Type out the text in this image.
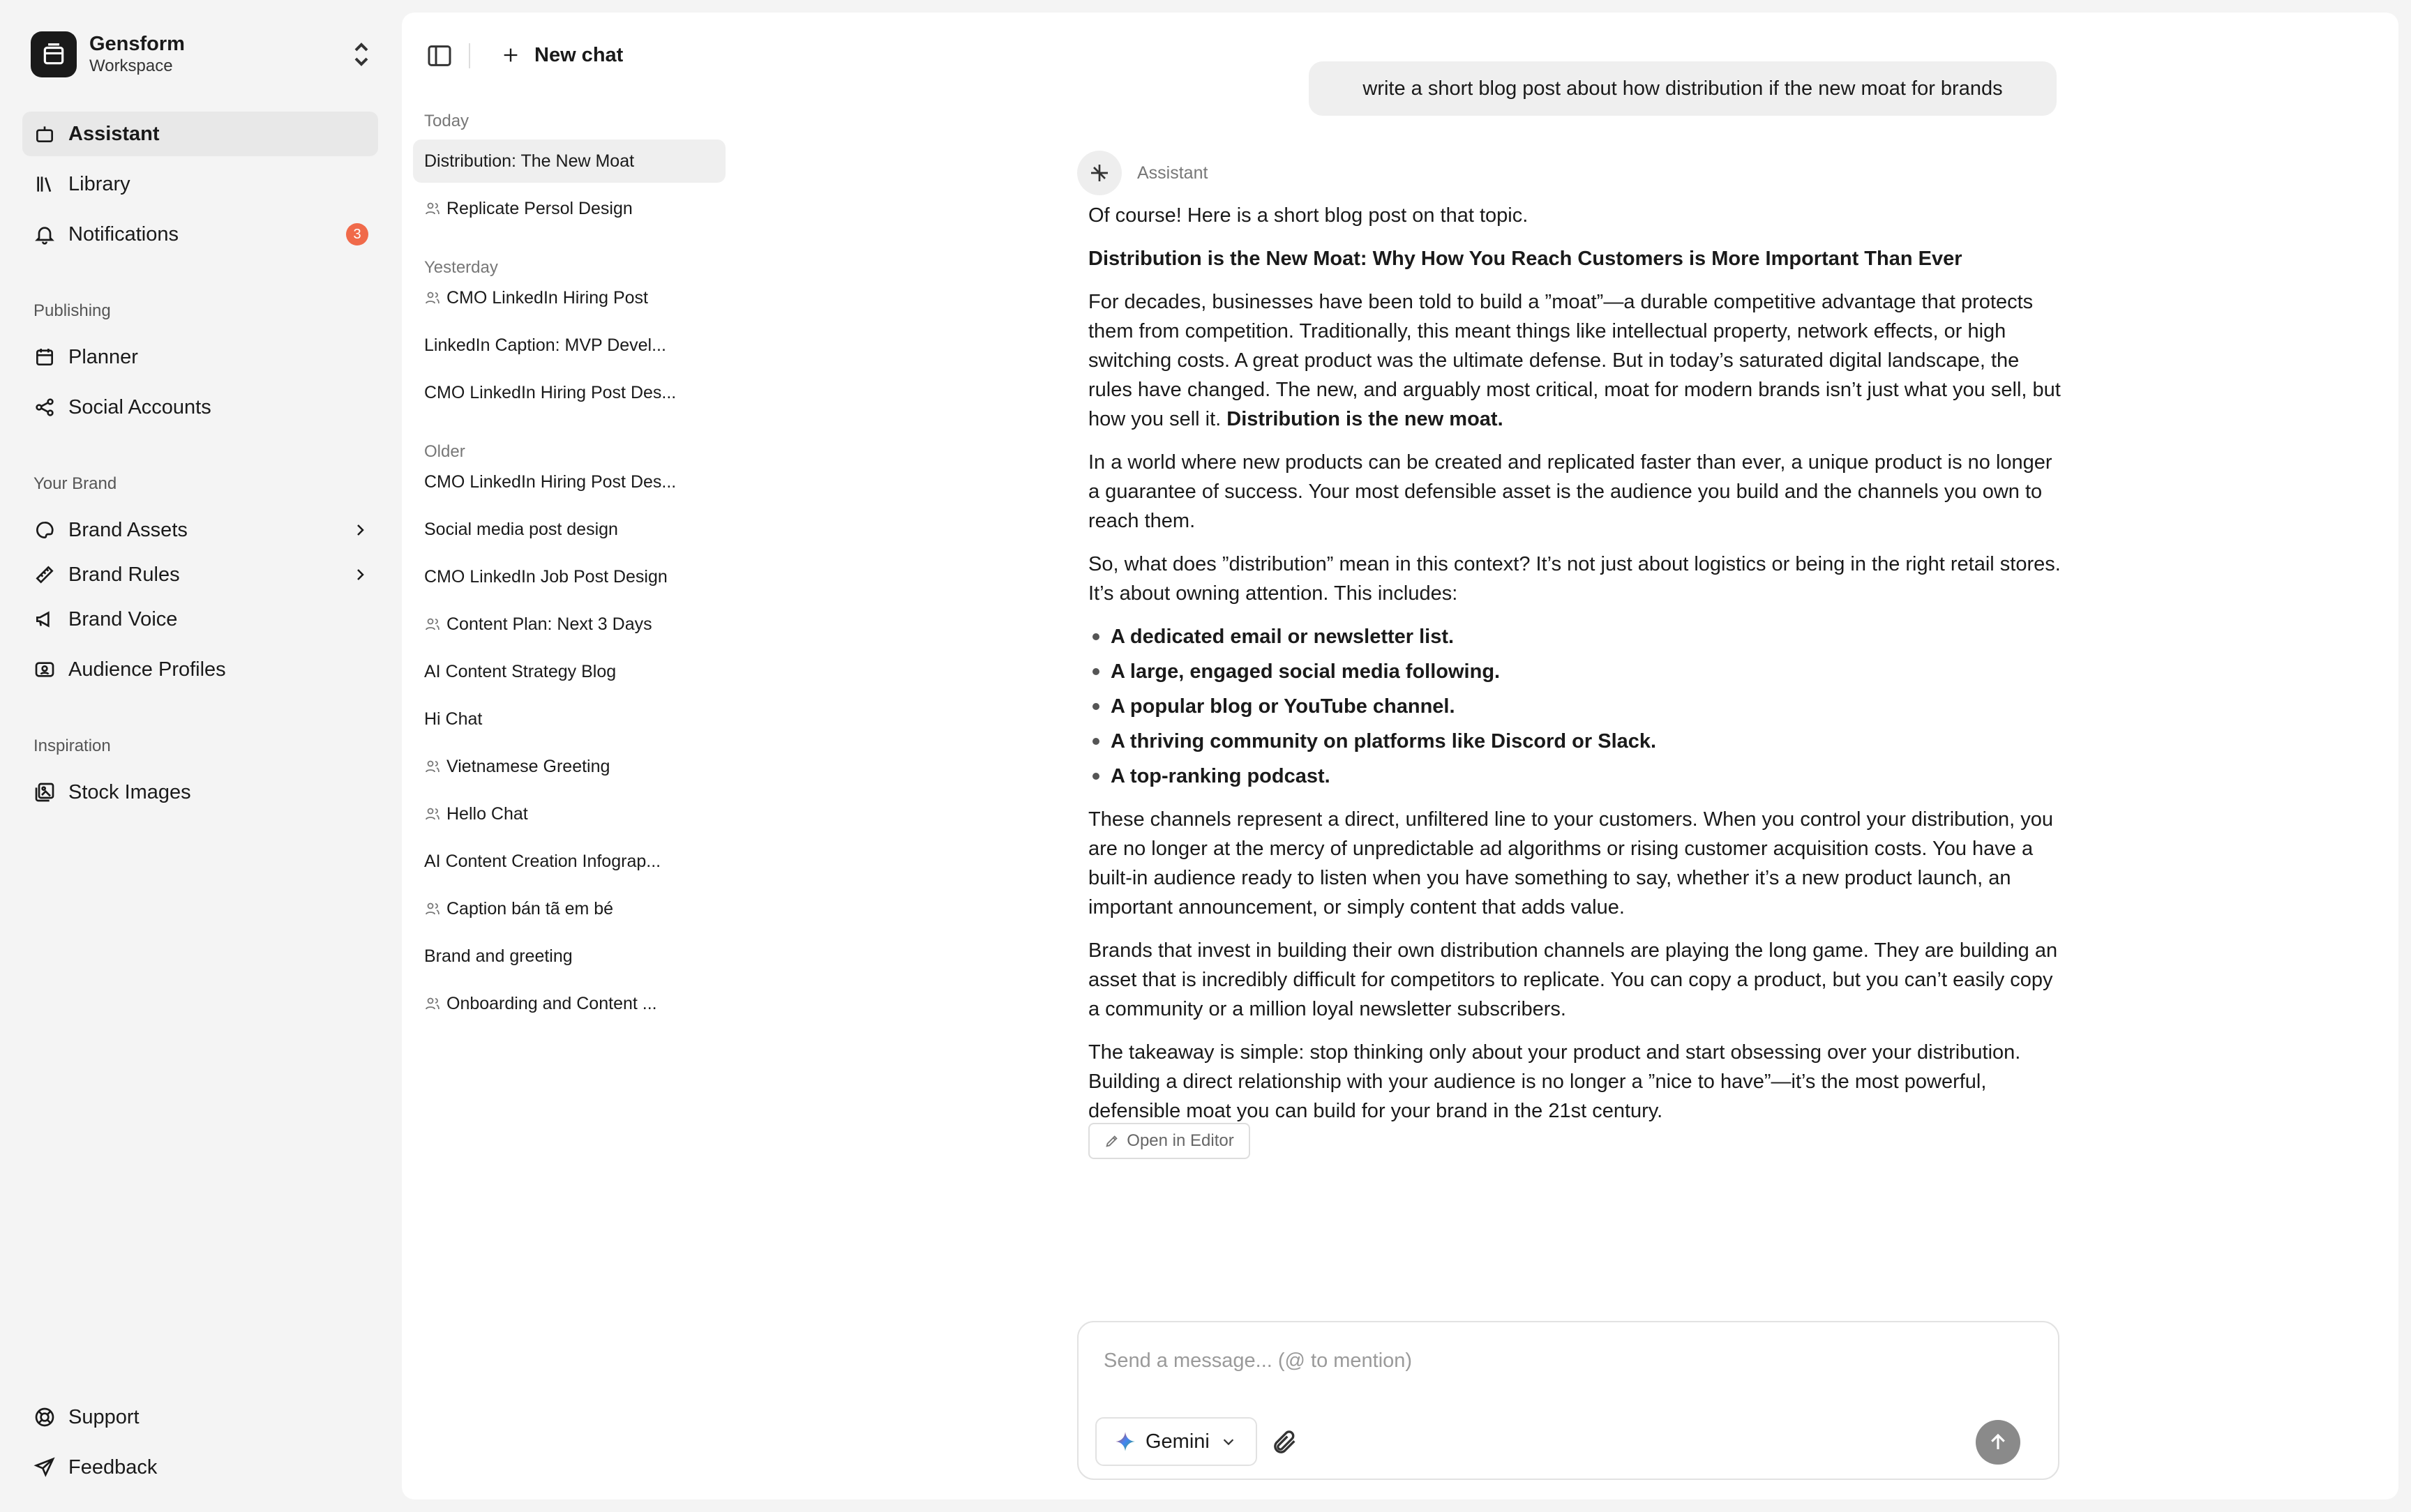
Gensform
Workspace
Assistant
Library
Notifications	3
Publishing
Planner
Social Accounts
Your Brand
Brand Assets
Brand Rules
Brand Voice
Audience Profiles
Inspiration
Stock Images
Support
Feedback
New chat
Today
Distribution: The New Moat
Replicate Persol Design
Yesterday
CMO LinkedIn Hiring Post
LinkedIn Caption: MVP Devel...
CMO LinkedIn Hiring Post Des...
Older
CMO LinkedIn Hiring Post Des...
Social media post design
CMO LinkedIn Job Post Design
Content Plan: Next 3 Days
AI Content Strategy Blog
Hi Chat
Vietnamese Greeting
Hello Chat
AI Content Creation Infograp...
Caption bán tã em bé
Brand and greeting
Onboarding and Content ...
write a short blog post about how distribution if the new moat for brands
Assistant

Of course! Here is a short blog post on that topic.

Distribution is the New Moat: Why How You Reach Customers is More Important Than Ever

For decades, businesses have been told to build a ”moat”—a durable competitive advantage that protects them from competition. Traditionally, this meant things like intellectual property, network effects, or high switching costs. A great product was the ultimate defense. But in today’s saturated digital landscape, the rules have changed. The new, and arguably most critical, moat for modern brands isn’t just what you sell, but how you sell it. Distribution is the new moat.

In a world where new products can be created and replicated faster than ever, a unique product is no longer a guarantee of success. Your most defensible asset is the audience you build and the channels you own to reach them.

So, what does ”distribution” mean in this context? It’s not just about logistics or being in the right retail stores. It’s about owning attention. This includes:

A dedicated email or newsletter list.
A large, engaged social media following.
A popular blog or YouTube channel.
A thriving community on platforms like Discord or Slack.
A top-ranking podcast.

These channels represent a direct, unfiltered line to your customers. When you control your distribution, you are no longer at the mercy of unpredictable ad algorithms or rising customer acquisition costs. You have a built-in audience ready to listen when you have something to say, whether it’s a new product launch, an important announcement, or simply content that adds value.

Brands that invest in building their own distribution channels are playing the long game. They are building an asset that is incredibly difficult for competitors to replicate. You can copy a product, but you can’t easily copy a community or a million loyal newsletter subscribers.

The takeaway is simple: stop thinking only about your product and start obsessing over your distribution. Building a direct relationship with your audience is no longer a ”nice to have”—it’s the most powerful, defensible moat you can build for your brand in the 21st century.

Open in Editor
Send a message... (@ to mention)
Gemini
